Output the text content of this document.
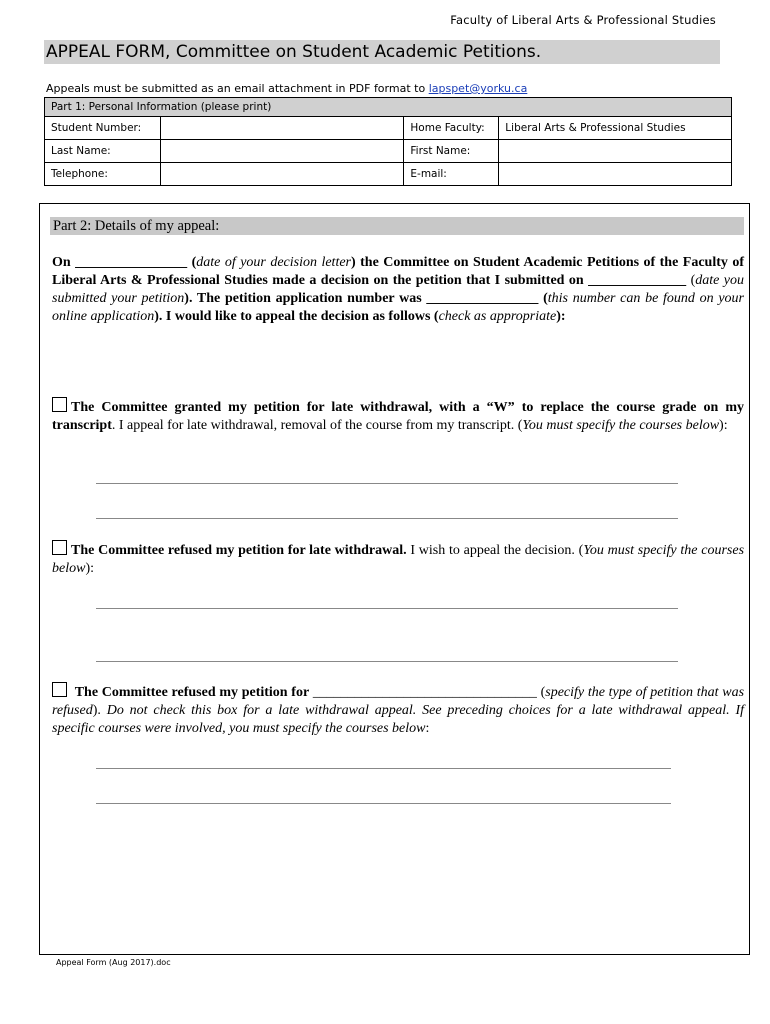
Faculty of Liberal Arts & Professional Studies
APPEAL FORM, Committee on Student Academic Petitions.
Appeals must be submitted as an email attachment in PDF format to lapspet@yorku.ca
Part 1: Personal Information (please print)			
Student Number:		Home Faculty:	Liberal Arts & Professional Studies
Last Name:		First Name:	
Telephone:		E-mail:	
Part 2: Details of my appeal:
On ________________ (date of your decision letter) the Committee on Student Academic Petitions of the Faculty of Liberal Arts & Professional Studies made a decision on the petition that I submitted on ______________ (date you submitted your petition). The petition application number was ________________ (this number can be found on your online application). I would like to appeal the decision as follows (check as appropriate):
The Committee granted my petition for late withdrawal, with a “W” to replace the course grade on my transcript. I appeal for late withdrawal, removal of the course from my transcript. (You must specify the courses below):
The Committee refused my petition for late withdrawal. I wish to appeal the decision. (You must specify the courses below):
The Committee refused my petition for ________________________________ (specify the type of petition that was refused). Do not check this box for a late withdrawal appeal. See preceding choices for a late withdrawal appeal. If specific courses were involved, you must specify the courses below:
Appeal Form (Aug 2017).doc
